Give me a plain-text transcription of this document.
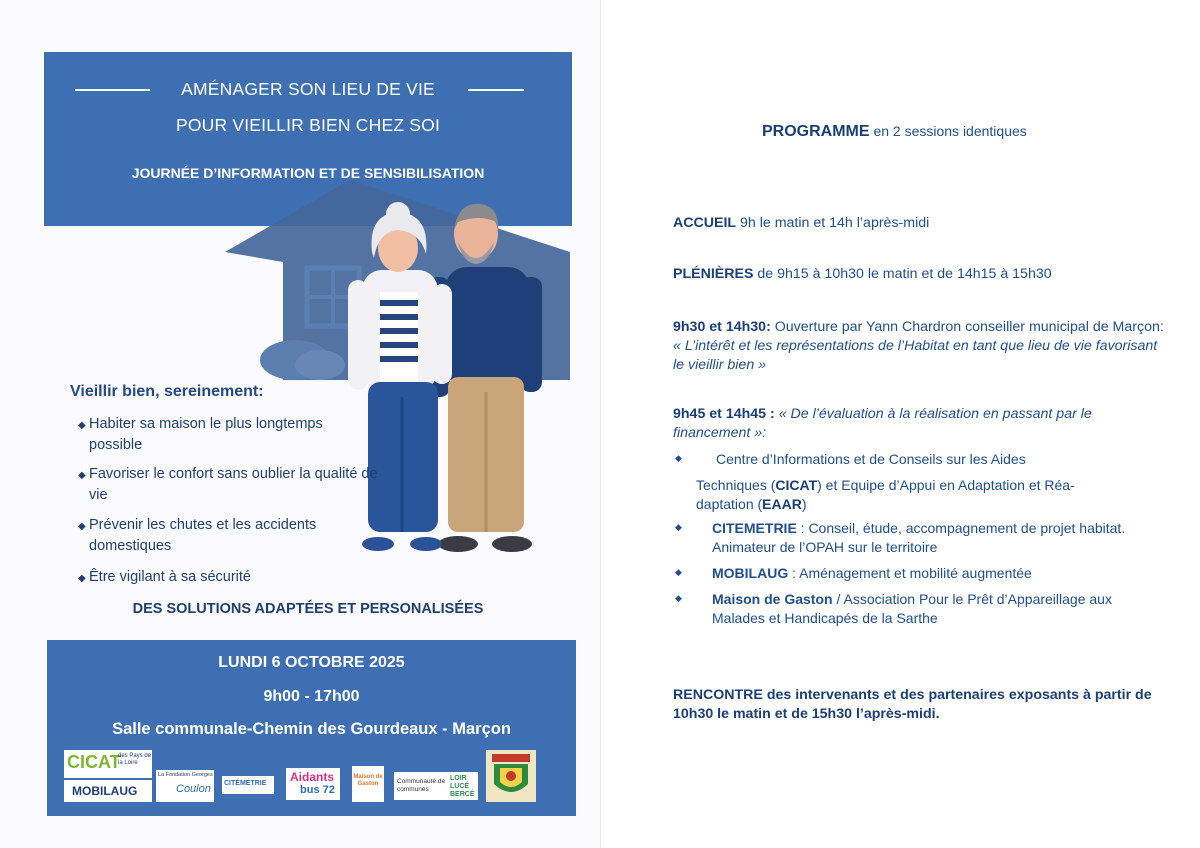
AMÉNAGER SON LIEU DE VIE
POUR VIEILLIR BIEN CHEZ SOI
JOURNÉE D’INFORMATION ET DE SENSIBILISATION
Vieillir bien, sereinement:
◆ Habiter sa maison le plus longtemps possible
◆ Favoriser le confort sans oublier la qualité de vie
◆ Prévenir les chutes et les accidents domestiques
◆ Être vigilant à sa sécurité
DES SOLUTIONS ADAPTÉES ET PERSONALISÉES
LUNDI 6 OCTOBRE 2025
9h00 - 17h00
Salle communale-Chemin des Gourdeaux - Marçon
CICAT
des Pays de la Loire
MOBILAUG
La Fondation Georges
Coulon CITÉMÉTRIE Aidants
bus 72
Maison de Gaston	Communauté de communes
LOIR LUCÉ BERCÉ
PROGRAMME en 2 sessions identiques
ACCUEIL 9h le matin et 14h l’après-midi
PLÉNIÈRES de 9h15 à 10h30 le matin et de 14h15 à 15h30
9h30 et 14h30: Ouverture par Yann Chardron conseiller municipal de Marçon: « L’intérêt et les représentations de l’Habitat en tant que lieu de vie favorisant le vieillir bien »
9h45 et 14h45 : « De l’évaluation à la réalisation en passant par le financement »:
◆ Centre d’Informations et de Conseils sur les Aides
Techniques (CICAT) et Equipe d’Appui en Adaptation et Réa-
daptation (EAAR)
◆ CITEMETRIE : Conseil, étude, accompagnement de projet habitat. Animateur de l’OPAH sur le territoire
◆ MOBILAUG : Aménagement et mobilité augmentée
◆ Maison de Gaston / Association Pour le Prêt d’Appareillage aux Malades et Handicapés de la Sarthe
RENCONTRE des intervenants et des partenaires exposants à partir de 10h30 le matin et de 15h30 l’après-midi.
